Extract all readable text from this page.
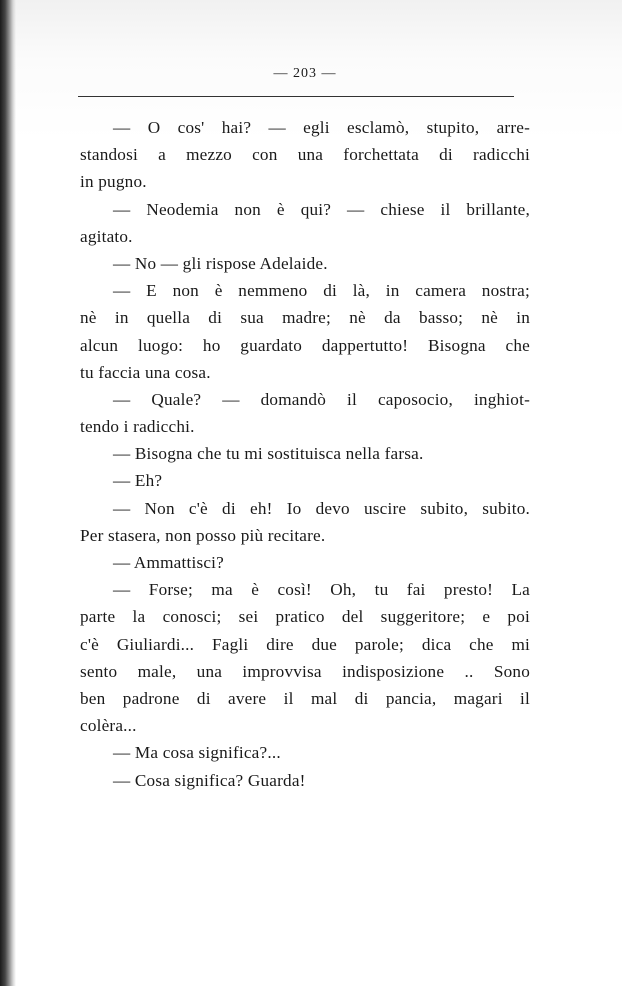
— 203 —
— O cos' hai? — egli esclamò, stupito, arre-
standosi a mezzo con una forchettata di radicchi
in pugno.
— Neodemia non è qui? — chiese il brillante,
agitato.
— No — gli rispose Adelaide.
— E non è nemmeno di là, in camera nostra;
nè in quella di sua madre; nè da basso; nè in
alcun luogo: ho guardato dappertutto! Bisogna che
tu faccia una cosa.
— Quale? — domandò il caposocio, inghiot-
tendo i radicchi.
— Bisogna che tu mi sostituisca nella farsa.
— Eh?
— Non c'è di eh! Io devo uscire subito, subito.
Per stasera, non posso più recitare.
— Ammattisci?
— Forse; ma è così! Oh, tu fai presto! La
parte la conosci; sei pratico del suggeritore; e poi
c'è Giuliardi... Fagli dire due parole; dica che mi
sento male, una improvvisa indisposizione .. Sono
ben padrone di avere il mal di pancia, magari il
colèra...
— Ma cosa significa?...
— Cosa significa? Guarda!
